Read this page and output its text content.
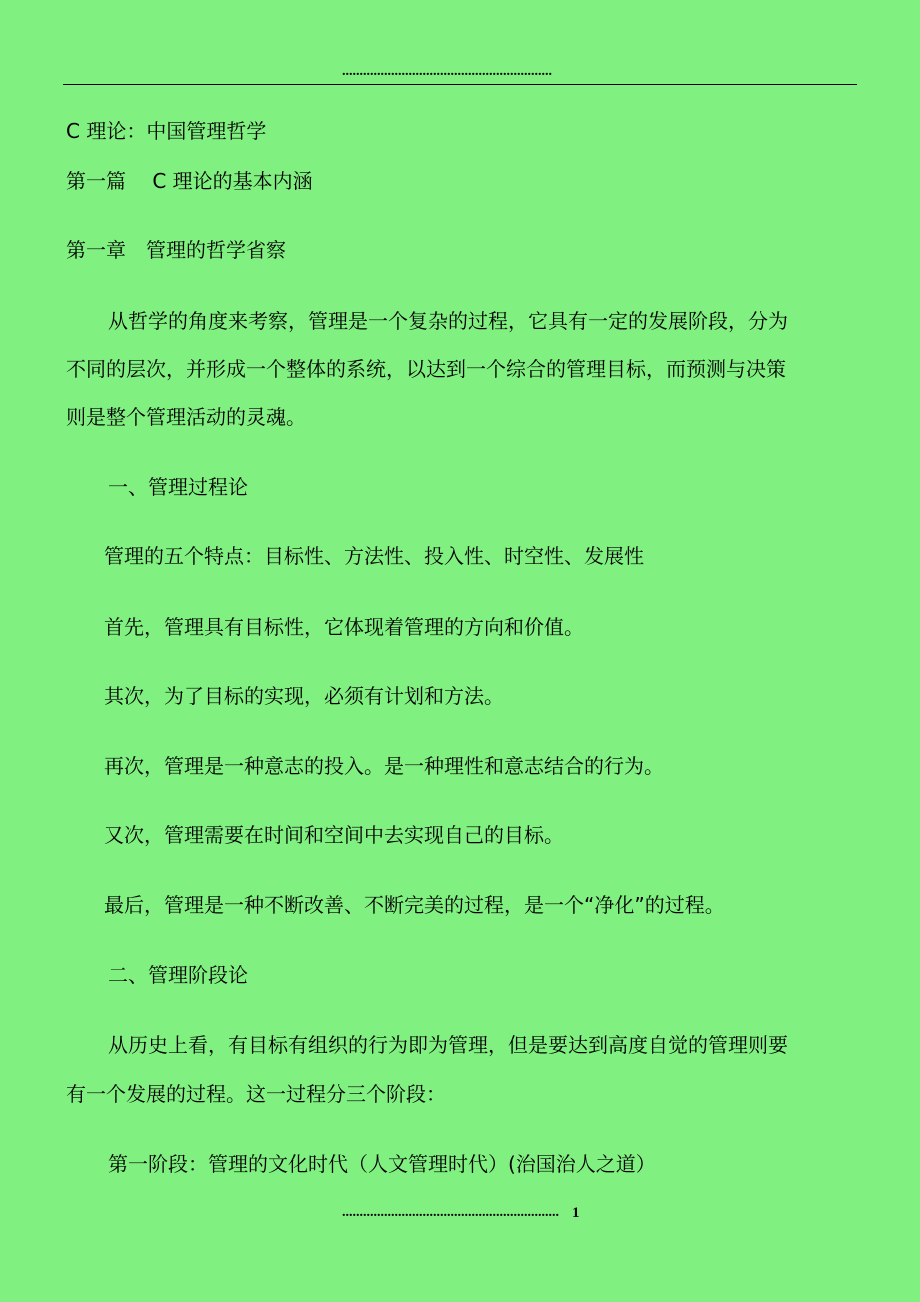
............................................................
C 理论：中国管理哲学
第一篇　 C 理论的基本内涵
第一章　管理的哲学省察
从哲学的角度来考察，管理是一个复杂的过程，它具有一定的发展阶段，分为
不同的层次，并形成一个整体的系统，以达到一个综合的管理目标，而预测与决策
则是整个管理活动的灵魂。
一、管理过程论
管理的五个特点：目标性、方法性、投入性、时空性、发展性
首先，管理具有目标性，它体现着管理的方向和价值。
其次，为了目标的实现，必须有计划和方法。
再次，管理是一种意志的投入。是一种理性和意志结合的行为。
又次，管理需要在时间和空间中去实现自己的目标。
最后，管理是一种不断改善、不断完美的过程，是一个“净化”的过程。
二、管理阶段论
从历史上看，有目标有组织的行为即为管理，但是要达到高度自觉的管理则要
有一个发展的过程。这一过程分三个阶段：
第一阶段：管理的文化时代（人文管理时代）(治国治人之道）
.............................................................. 1
